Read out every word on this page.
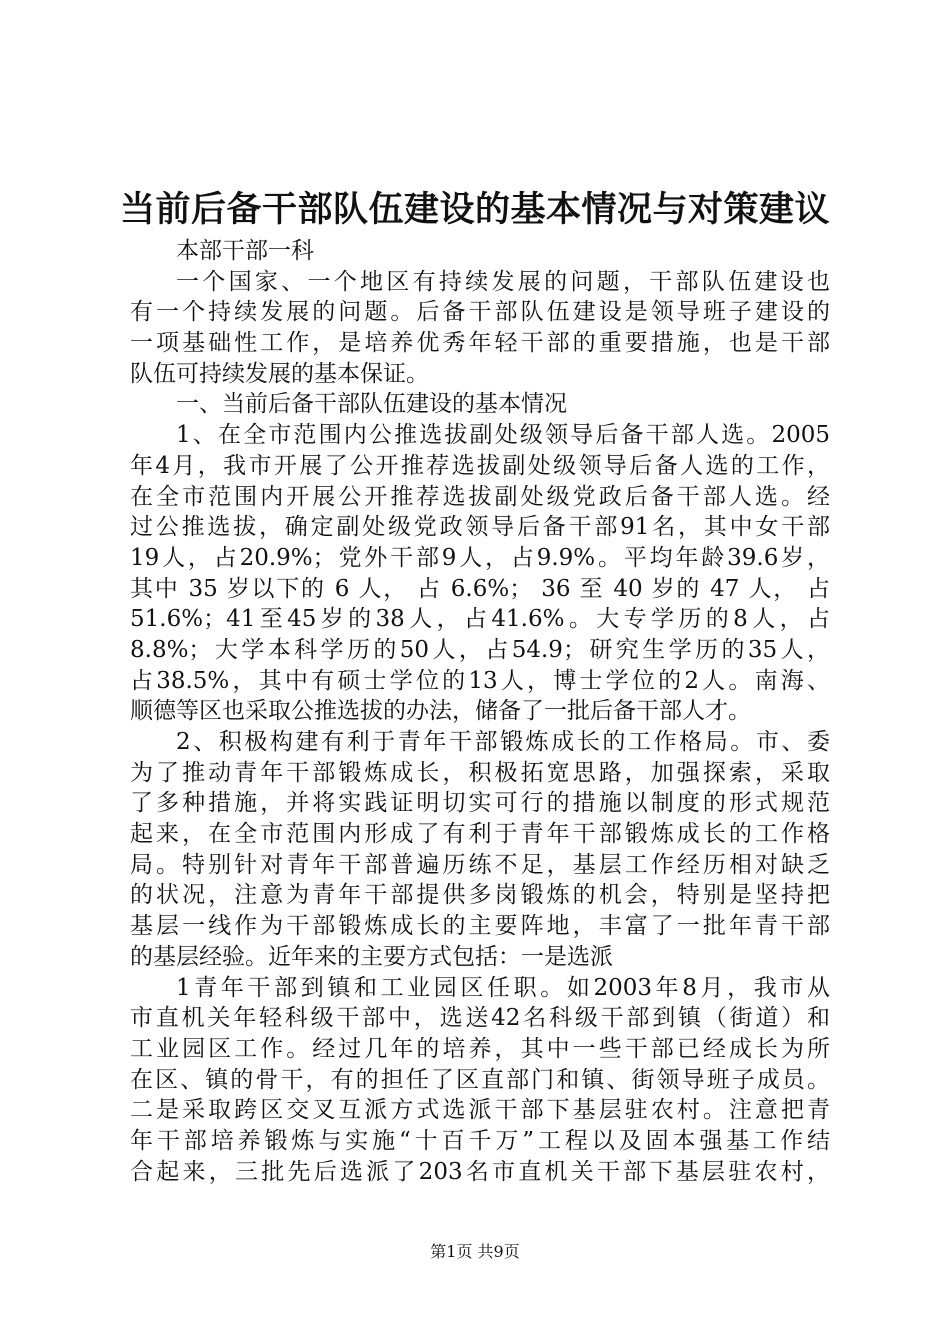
当前后备干部队伍建设的基本情况与对策建议
本部干部一科
一个国家、一个地区有持续发展的问题，干部队伍建设也
有一个持续发展的问题。后备干部队伍建设是领导班子建设的
一项基础性工作，是培养优秀年轻干部的重要措施，也是干部
队伍可持续发展的基本保证。
一、当前后备干部队伍建设的基本情况
1、在全市范围内公推选拔副处级领导后备干部人选。2005
年4月，我市开展了公开推荐选拔副处级领导后备人选的工作，
在全市范围内开展公开推荐选拔副处级党政后备干部人选。经
过公推选拔，确定副处级党政领导后备干部91名，其中女干部
19人，占20.9%；党外干部9人，占9.9%。平均年龄39.6岁，
其中 35 岁以下的 6 人， 占 6.6%； 36 至 40 岁的 47 人， 占
51.6%；41至45岁的38人，占41.6%。大专学历的8人，占
8.8%；大学本科学历的50人，占54.9；研究生学历的35人，
占38.5%，其中有硕士学位的13人，博士学位的2人。南海、
顺德等区也采取公推选拔的办法，储备了一批后备干部人才。
2、积极构建有利于青年干部锻炼成长的工作格局。市、委
为了推动青年干部锻炼成长，积极拓宽思路，加强探索，采取
了多种措施，并将实践证明切实可行的措施以制度的形式规范
起来，在全市范围内形成了有利于青年干部锻炼成长的工作格
局。特别针对青年干部普遍历练不足，基层工作经历相对缺乏
的状况，注意为青年干部提供多岗锻炼的机会，特别是坚持把
基层一线作为干部锻炼成长的主要阵地，丰富了一批年青干部
的基层经验。近年来的主要方式包括：一是选派
1青年干部到镇和工业园区任职。如2003年8月，我市从
市直机关年轻科级干部中，选送42名科级干部到镇（街道）和
工业园区工作。经过几年的培养，其中一些干部已经成长为所
在区、镇的骨干，有的担任了区直部门和镇、街领导班子成员。
二是采取跨区交叉互派方式选派干部下基层驻农村。注意把青
年干部培养锻炼与实施“十百千万”工程以及固本强基工作结
合起来，三批先后选派了203名市直机关干部下基层驻农村，
第1页 共9页
